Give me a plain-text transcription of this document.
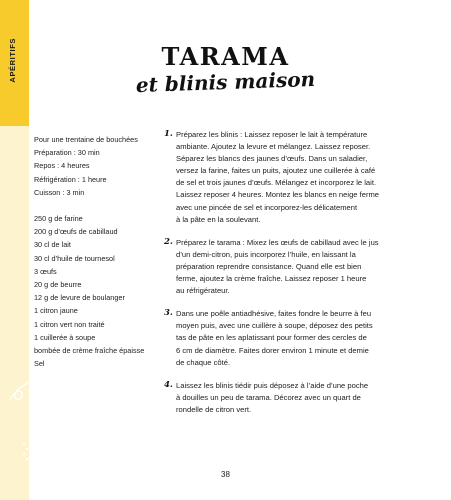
APÉRITIFS	TARAMA
et blinis maison
Pour une trentaine de bouchées
Préparation : 30 min
Repos : 4 heures
Réfrigération : 1 heure
Cuisson : 3 min
250 g de farine
200 g d’œufs de cabillaud
30 cl de lait
30 cl d’huile de tournesol
3 œufs
20 g de beurre
12 g de levure de boulanger
1 citron jaune
1 citron vert non traité
1 cuillerée à soupe
bombée de crème fraîche épaisse
Sel
1. Préparez les blinis : Laissez reposer le lait à température
ambiante. Ajoutez la levure et mélangez. Laissez reposer.
Séparez les blancs des jaunes d’œufs. Dans un saladier,
versez la farine, faites un puits, ajoutez une cuillerée à café
de sel et trois jaunes d’œufs. Mélangez et incorporez le lait.
Laissez reposer 4 heures. Montez les blancs en neige ferme
avec une pincée de sel et incorporez-les délicatement
à la pâte en la soulevant.
2. Préparez le tarama : Mixez les œufs de cabillaud avec le jus
d’un demi-citron, puis incorporez l’huile, en laissant la
préparation reprendre consistance. Quand elle est bien
ferme, ajoutez la crème fraîche. Laissez reposer 1 heure
au réfrigérateur.
3. Dans une poêle antiadhésive, faites fondre le beurre à feu
moyen puis, avec une cuillère à soupe, déposez des petits
tas de pâte en les aplatissant pour former des cercles de
6 cm de diamètre. Faites dorer environ 1 minute et demie
de chaque côté.
4. Laissez les blinis tiédir puis déposez à l’aide d’une poche
à douilles un peu de tarama. Décorez avec un quart de
rondelle de citron vert.
38
